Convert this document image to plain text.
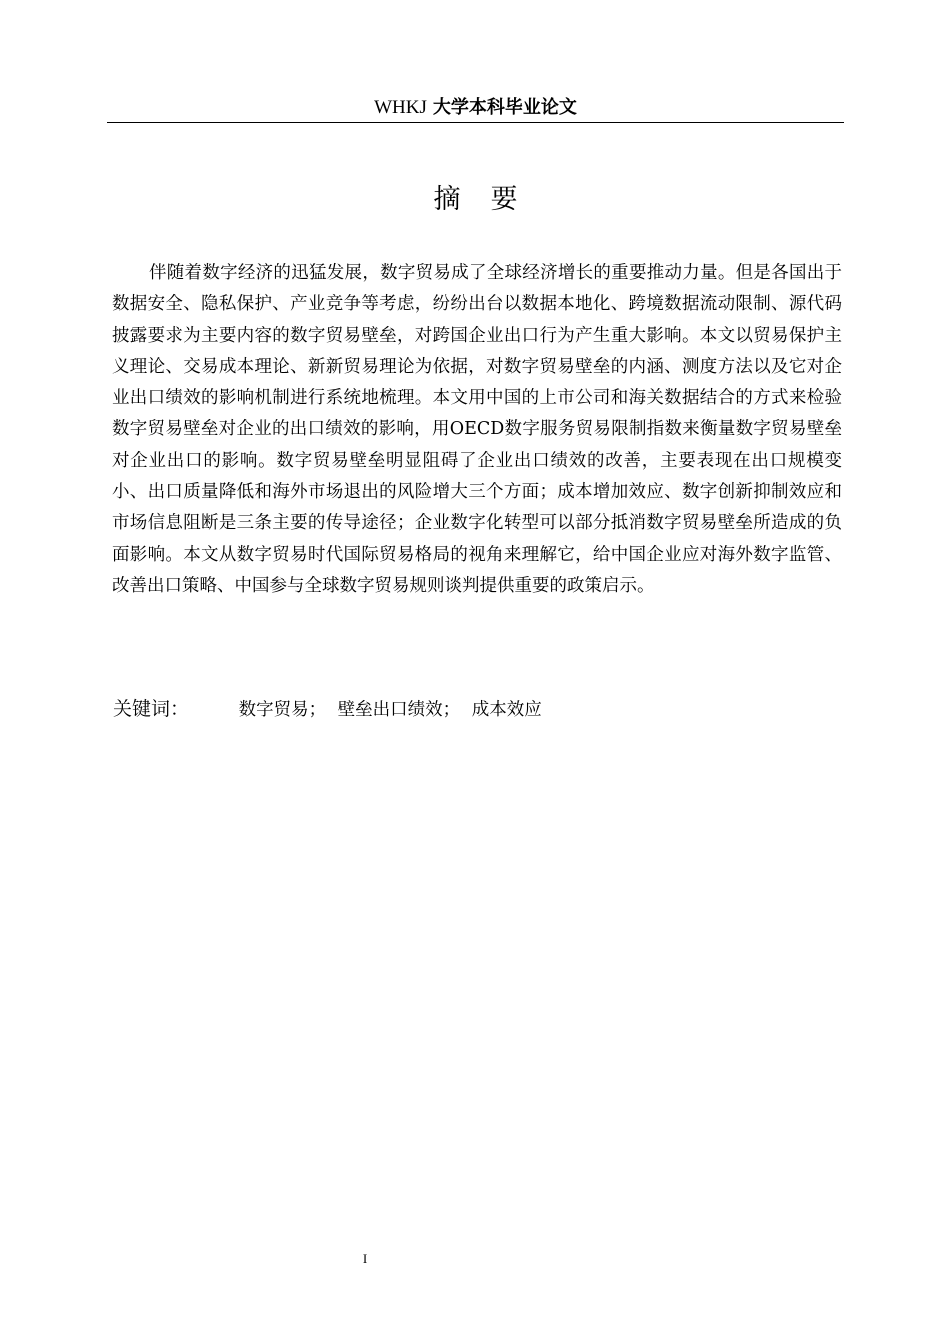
WHKJ 大学本科毕业论文
摘要

伴随着数字经济的迅猛发展，数字贸易成了全球经济增长的重要推动力量。但是各国出于数据安全、隐私保护、产业竞争等考虑，纷纷出台以数据本地化、跨境数据流动限制、源代码披露要求为主要内容的数字贸易壁垒，对跨国企业出口行为产生重大影响。本文以贸易保护主义理论、交易成本理论、新新贸易理论为依据，对数字贸易壁垒的内涵、测度方法以及它对企业出口绩效的影响机制进行系统地梳理。本文用中国的上市公司和海关数据结合的方式来检验数字贸易壁垒对企业的出口绩效的影响，用OECD数字服务贸易限制指数来衡量数字贸易壁垒对企业出口的影响。数字贸易壁垒明显阻碍了企业出口绩效的改善，主要表现在出口规模变小、出口质量降低和海外市场退出的风险增大三个方面；成本增加效应、数字创新抑制效应和市场信息阻断是三条主要的传导途径；企业数字化转型可以部分抵消数字贸易壁垒所造成的负面影响。本文从数字贸易时代国际贸易格局的视角来理解它，给中国企业应对海外数字监管、改善出口策略、中国参与全球数字贸易规则谈判提供重要的政策启示。

关键词：	数字贸易； 壁垒出口绩效； 成本效应
I
